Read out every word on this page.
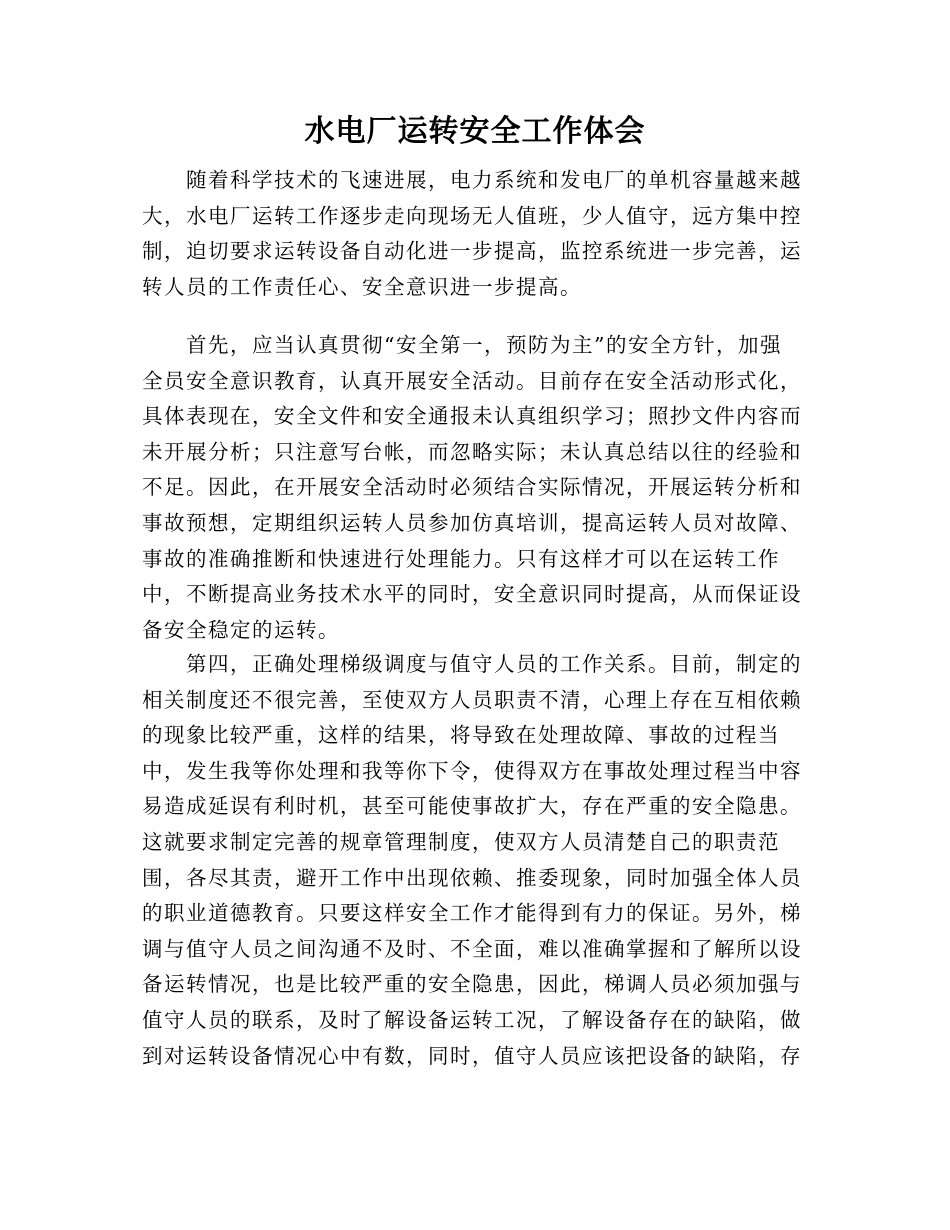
水电厂运转安全工作体会
　　随着科学技术的飞速进展，电力系统和发电厂的单机容量越来越
大，水电厂运转工作逐步走向现场无人值班，少人值守，远方集中控
制，迫切要求运转设备自动化进一步提高，监控系统进一步完善，运
转人员的工作责任心、安全意识进一步提高。
　　首先，应当认真贯彻“安全第一，预防为主”的安全方针，加强
全员安全意识教育，认真开展安全活动。目前存在安全活动形式化，
具体表现在，安全文件和安全通报未认真组织学习；照抄文件内容而
未开展分析；只注意写台帐，而忽略实际；未认真总结以往的经验和
不足。因此，在开展安全活动时必须结合实际情况，开展运转分析和
事故预想，定期组织运转人员参加仿真培训，提高运转人员对故障、
事故的准确推断和快速进行处理能力。只有这样才可以在运转工作
中，不断提高业务技术水平的同时，安全意识同时提高，从而保证设
备安全稳定的运转。
　　第四，正确处理梯级调度与值守人员的工作关系。目前，制定的
相关制度还不很完善，至使双方人员职责不清，心理上存在互相依赖
的现象比较严重，这样的结果，将导致在处理故障、事故的过程当
中，发生我等你处理和我等你下令，使得双方在事故处理过程当中容
易造成延误有利时机，甚至可能使事故扩大，存在严重的安全隐患。
这就要求制定完善的规章管理制度，使双方人员清楚自己的职责范
围，各尽其责，避开工作中出现依赖、推委现象，同时加强全体人员
的职业道德教育。只要这样安全工作才能得到有力的保证。另外，梯
调与值守人员之间沟通不及时、不全面，难以准确掌握和了解所以设
备运转情况，也是比较严重的安全隐患，因此，梯调人员必须加强与
值守人员的联系，及时了解设备运转工况，了解设备存在的缺陷，做
到对运转设备情况心中有数，同时，值守人员应该把设备的缺陷，存
